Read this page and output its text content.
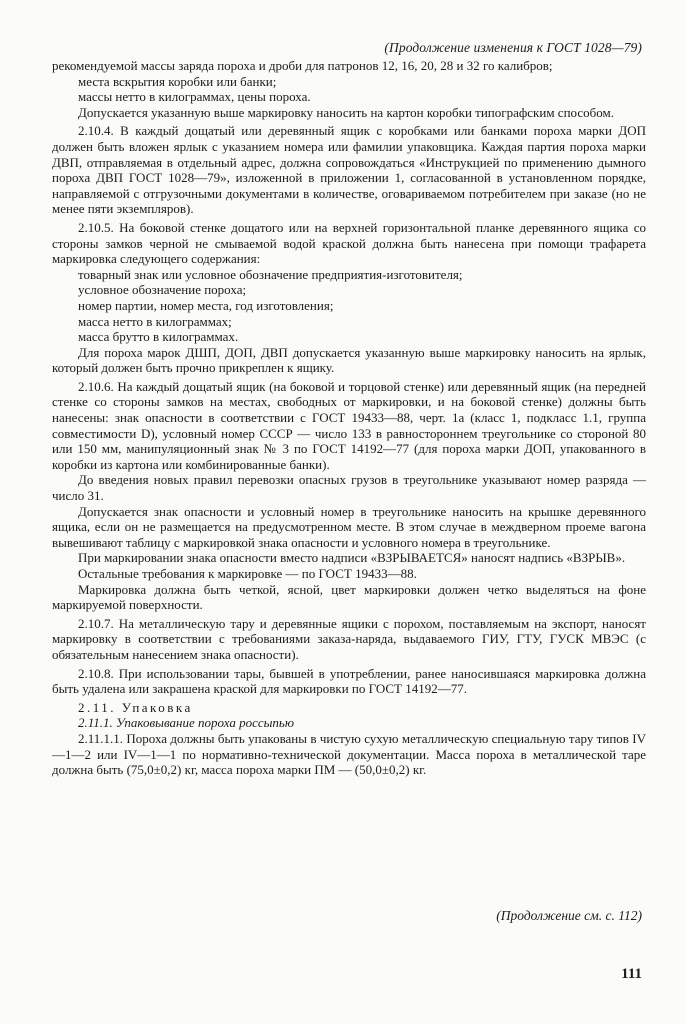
(Продолжение изменения к ГОСТ 1028—79)

рекомендуемой массы заряда пороха и дроби для патронов 12, 16, 20, 28 и 32 го калибров;

места вскрытия коробки или банки;

массы нетто в килограммах, цены пороха.

Допускается указанную выше маркировку наносить на картон коробки типографским способом.

2.10.4. В каждый дощатый или деревянный ящик с коробками или банками пороха марки ДОП должен быть вложен ярлык с указанием номера или фамилии упаковщика. Каждая партия пороха марки ДВП, отправляемая в отдельный адрес, должна сопровождаться «Инструкцией по применению дымного пороха ДВП ГОСТ 1028—79», изложенной в приложении 1, согласованной в установленном порядке, направляемой с отгрузочными документами в количестве, оговариваемом потребителем при заказе (но не менее пяти экземпляров).

2.10.5. На боковой стенке дощатого или на верхней горизонтальной планке деревянного ящика со стороны замков черной не смываемой водой краской должна быть нанесена при помощи трафарета маркировка следующего содержания:

товарный знак или условное обозначение предприятия-изготовителя;

условное обозначение пороха;

номер партии, номер места, год изготовления;

масса нетто в килограммах;

масса брутто в килограммах.

Для пороха марок ДШП, ДОП, ДВП допускается указанную выше маркировку наносить на ярлык, который должен быть прочно прикреплен к ящику.

2.10.6. На каждый дощатый ящик (на боковой и торцовой стенке) или деревянный ящик (на передней стенке со стороны замков на местах, свободных от маркировки, и на боковой стенке) должны быть нанесены: знак опасности в соответствии с ГОСТ 19433—88, черт. 1а (класс 1, подкласс 1.1, группа совместимости D), условный номер СССР — число 133 в равностороннем треугольнике со стороной 80 или 150 мм, манипуляционный знак № 3 по ГОСТ 14192—77 (для пороха марки ДОП, упакованного в коробки из картона или комбинированные банки).

До введения новых правил перевозки опасных грузов в треугольнике указывают номер разряда — число 31.

Допускается знак опасности и условный номер в треугольнике наносить на крышке деревянного ящика, если он не размещается на предусмотренном месте. В этом случае в междверном проеме вагона вывешивают таблицу с маркировкой знака опасности и условного номера в треугольнике.

При маркировании знака опасности вместо надписи «ВЗРЫВАЕТСЯ» наносят надпись «ВЗРЫВ».

Остальные требования к маркировке — по ГОСТ 19433—88.

Маркировка должна быть четкой, ясной, цвет маркировки должен четко выделяться на фоне маркируемой поверхности.

2.10.7. На металлическую тару и деревянные ящики с порохом, поставляемым на экспорт, наносят маркировку в соответствии с требованиями заказа-наряда, выдаваемого ГИУ, ГТУ, ГУСК МВЭС (с обязательным нанесением знака опасности).

2.10.8. При использовании тары, бывшей в употреблении, ранее наносившаяся маркировка должна быть удалена или закрашена краской для маркировки по ГОСТ 14192—77.

2.11. Упаковка

2.11.1. Упаковывание пороха россыпью

2.11.1.1. Пороха должны быть упакованы в чистую сухую металлическую специальную тару типов IV—1—2 или IV—1—1 по нормативно-технической документации. Масса пороха в металлической таре должна быть (75,0±0,2) кг, масса пороха марки ПМ — (50,0±0,2) кг.

(Продолжение см. с. 112)
111
